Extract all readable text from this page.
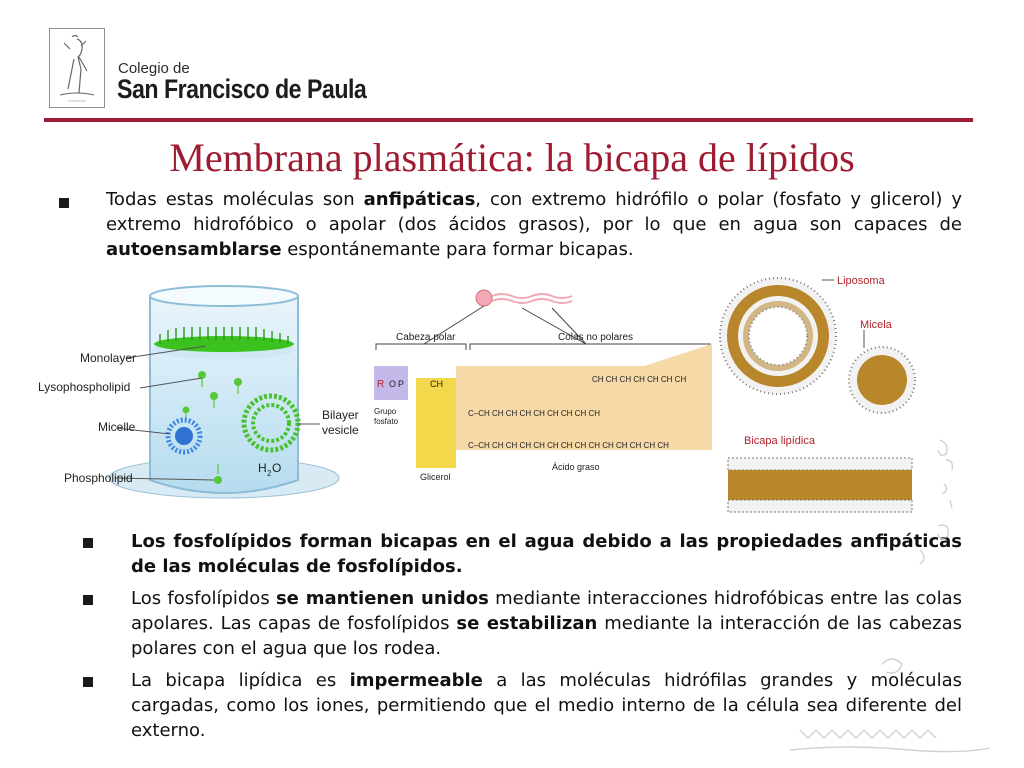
~~~~~~
Colegio de
San Francisco de Paula
Membrana plasmática: la bicapa de lípidos
Todas estas moléculas son anfipáticas, con extremo hidrófilo o polar (fosfato y glicerol) y extremo hidrofóbico o apolar (dos ácidos grasos), por lo que en agua son capaces de autoensamblarse espontánemante para formar bicapas.
Monolayer
Lysophospholipid
Micelle
Phospholipid
Bilayer
vesicle
H 2 O
Cabeza polar	Colas no polares
R O P	CH
Grupo
fosfato
Glicerol
CH CH CH CH CH CH CH
C–CH CH CH CH CH CH CH CH CH
C–CH CH CH CH CH CH CH CH CH CH CH CH CH CH
Ácido graso
Liposoma
Micela
Bicapa lipídica
Los fosfolípidos forman bicapas en el agua debido a las propiedades anfipáticas de las moléculas de fosfolípidos.
Los fosfolípidos se mantienen unidos mediante interacciones hidrofóbicas entre las colas apolares. Las capas de fosfolípidos se estabilizan mediante la interacción de las cabezas polares con el agua que los rodea.
La bicapa lipídica es impermeable a las moléculas hidrófilas grandes y moléculas cargadas, como los iones, permitiendo que el medio interno de la célula sea diferente del externo.
